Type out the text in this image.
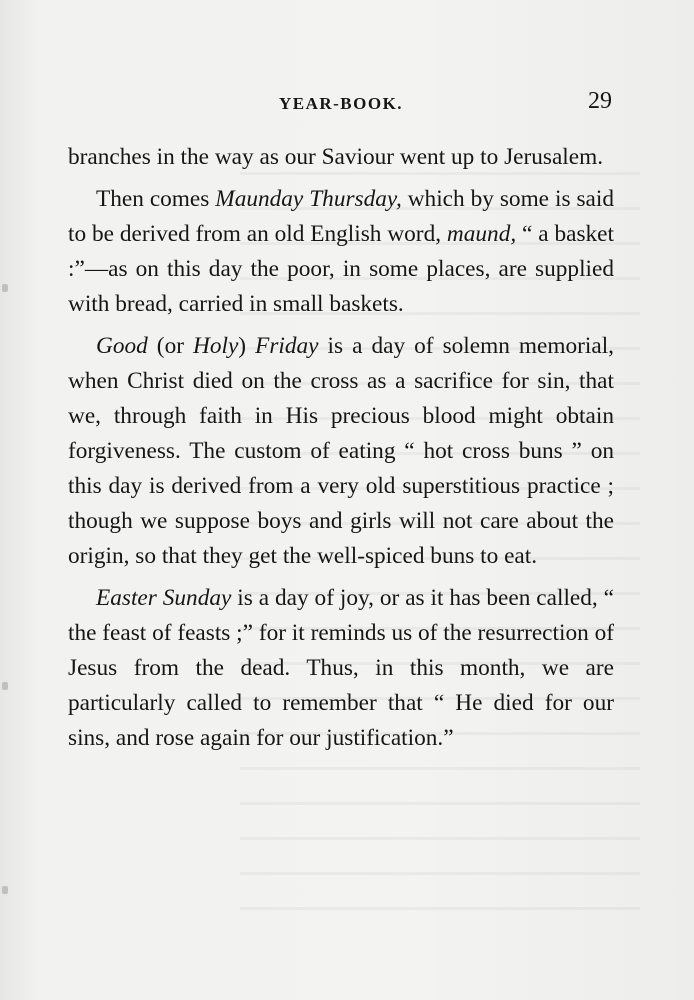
YEAR-BOOK.	29

branches in the way as our Saviour went up to Jerusalem.

Then comes Maunday Thursday, which by some is said to be derived from an old English word, maund, “ a basket :”—as on this day the poor, in some places, are supplied with bread, carried in small baskets.

Good (or Holy) Friday is a day of solemn memorial, when Christ died on the cross as a sacrifice for sin, that we, through faith in His precious blood might obtain forgiveness. The custom of eating “ hot cross buns ” on this day is derived from a very old superstitious practice ; though we suppose boys and girls will not care about the origin, so that they get the well-spiced buns to eat.

Easter Sunday is a day of joy, or as it has been called, “ the feast of feasts ;” for it reminds us of the resurrection of Jesus from the dead. Thus, in this month, we are particularly called to remember that “ He died for our sins, and rose again for our justification.”
